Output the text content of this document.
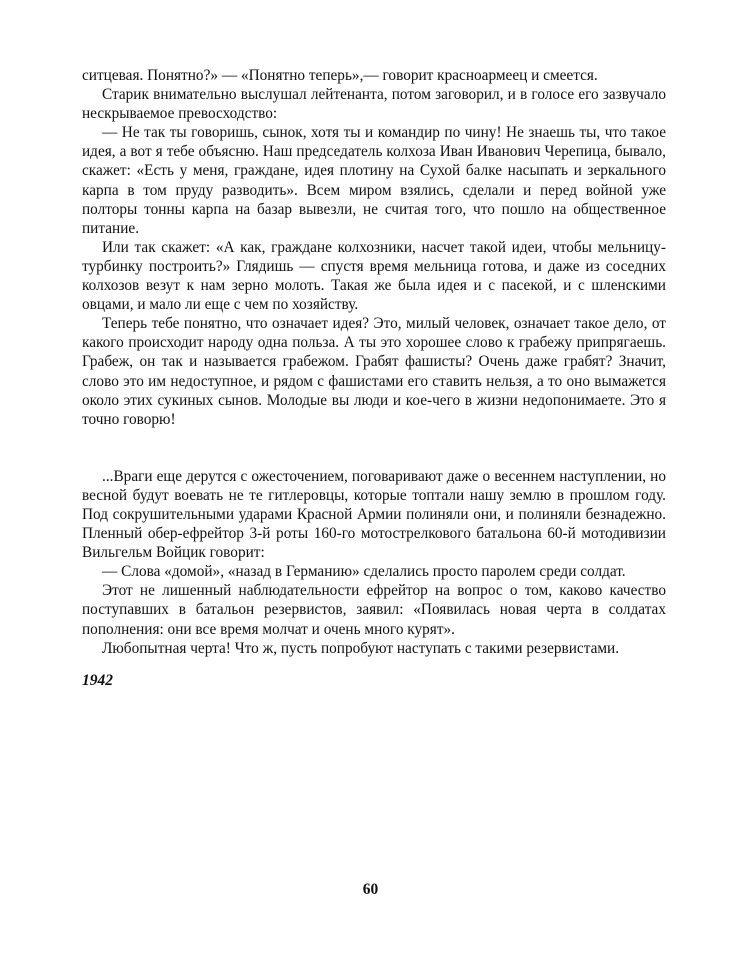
ситцевая. Понятно?» — «Понятно теперь»,— говорит красноармеец и смеется.

Старик внимательно выслушал лейтенанта, потом заговорил, и в голосе его зазвучало нескрываемое превосходство:

— Не так ты говоришь, сынок, хотя ты и командир по чину! Не знаешь ты, что такое идея, а вот я тебе объясню. Наш председатель колхоза Иван Иванович Черепица, бывало, скажет: «Есть у меня, граждане, идея плотину на Сухой балке насыпать и зеркального карпа в том пруду разводить». Всем миром взялись, сделали и перед войной уже полторы тонны карпа на базар вывезли, не считая того, что пошло на общественное питание.

Или так скажет: «А как, граждане колхозники, насчет такой идеи, чтобы мельницу-турбинку построить?» Глядишь — спустя время мельница готова, и даже из соседних колхозов везут к нам зерно молоть. Такая же была идея и с пасекой, и с шленскими овцами, и мало ли еще с чем по хозяйству.

Теперь тебе понятно, что означает идея? Это, милый человек, означает такое дело, от какого происходит народу одна польза. А ты это хорошее слово к грабежу припрягаешь. Грабеж, он так и называется грабежом. Грабят фашисты? Очень даже грабят? Значит, слово это им недоступное, и рядом с фашистами его ставить нельзя, а то оно вымажется около этих сукиных сынов. Молодые вы люди и кое-чего в жизни недопонимаете. Это я точно говорю!

...Враги еще дерутся с ожесточением, поговаривают даже о весеннем наступлении, но весной будут воевать не те гитлеровцы, которые топтали нашу землю в прошлом году. Под сокрушительными ударами Красной Армии полиняли они, и полиняли безнадежно. Пленный обер-ефрейтор 3-й роты 160-го мотострелкового батальона 60-й мотодивизии Вильгельм Войцик говорит:

— Слова «домой», «назад в Германию» сделались просто паролем среди солдат.

Этот не лишенный наблюдательности ефрейтор на вопрос о том, каково качество поступавших в батальон резервистов, заявил: «Появилась новая черта в солдатах пополнения: они все время молчат и очень много курят».

Любопытная черта! Что ж, пусть попробуют наступать с такими резервистами.

1942

60
